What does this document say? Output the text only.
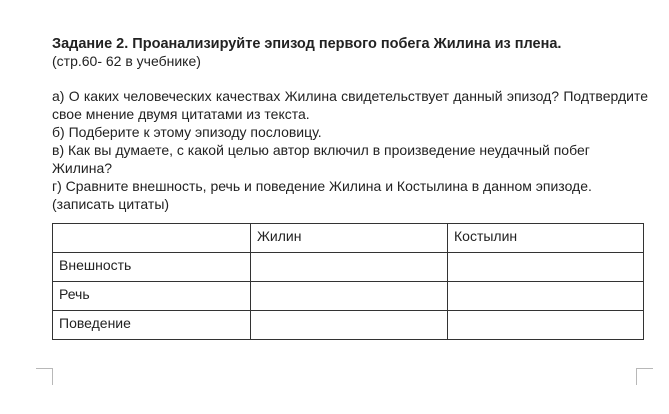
Задание 2. Проанализируйте эпизод первого побега Жилина из плена.
(стр.60- 62 в учебнике)

а) О каких человеческих качествах Жилина свидетельствует данный эпизод? Подтвердите свое мнение двумя цитатами из текста.

б) Подберите к этому эпизоду пословицу.

в) Как вы думаете, с какой целью автор включил в произведение неудачный побег Жилина?

г) Сравните внешность, речь и поведение Жилина и Костылина в данном эпизоде. (записать цитаты)

	Жилин	Костылин
Внешность		
Речь		
Поведение		
